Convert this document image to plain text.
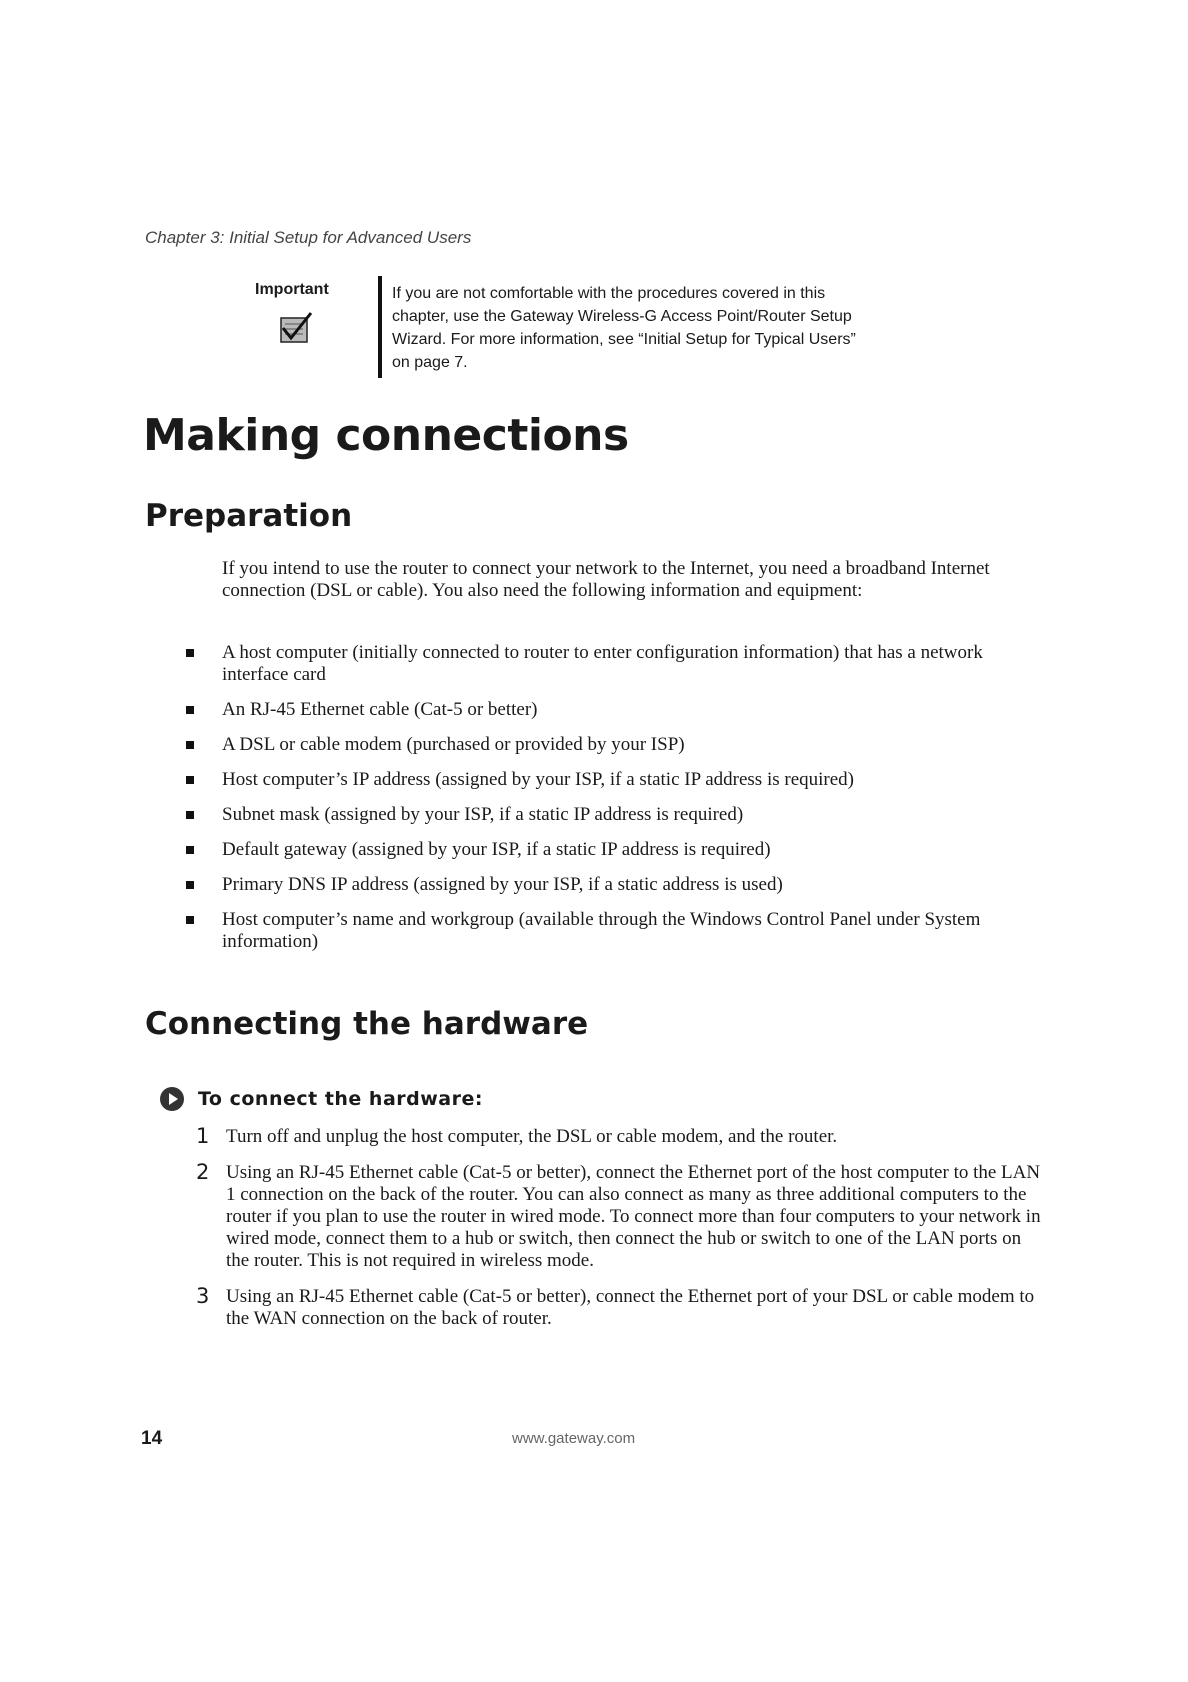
Chapter 3: Initial Setup for Advanced Users
Important	If you are not comfortable with the procedures covered in this chapter, use the Gateway Wireless-G Access Point/Router Setup Wizard. For more information, see “Initial Setup for Typical Users” on page 7.
Making connections
Preparation
If you intend to use the router to connect your network to the Internet, you need a broadband Internet connection (DSL or cable). You also need the following information and equipment:
A host computer (initially connected to router to enter configuration information) that has a network interface card
An RJ-45 Ethernet cable (Cat-5 or better)
A DSL or cable modem (purchased or provided by your ISP)
Host computer’s IP address (assigned by your ISP, if a static IP address is required)
Subnet mask (assigned by your ISP, if a static IP address is required)
Default gateway (assigned by your ISP, if a static IP address is required)
Primary DNS IP address (assigned by your ISP, if a static address is used)
Host computer’s name and workgroup (available through the Windows Control Panel under System information)
Connecting the hardware
To connect the hardware:
1 Turn off and unplug the host computer, the DSL or cable modem, and the router.
2 Using an RJ-45 Ethernet cable (Cat-5 or better), connect the Ethernet port of the host computer to the LAN 1 connection on the back of the router. You can also connect as many as three additional computers to the router if you plan to use the router in wired mode. To connect more than four computers to your network in wired mode, connect them to a hub or switch, then connect the hub or switch to one of the LAN ports on the router. This is not required in wireless mode.
3 Using an RJ-45 Ethernet cable (Cat-5 or better), connect the Ethernet port of your DSL or cable modem to the WAN connection on the back of router.
14	www.gateway.com
